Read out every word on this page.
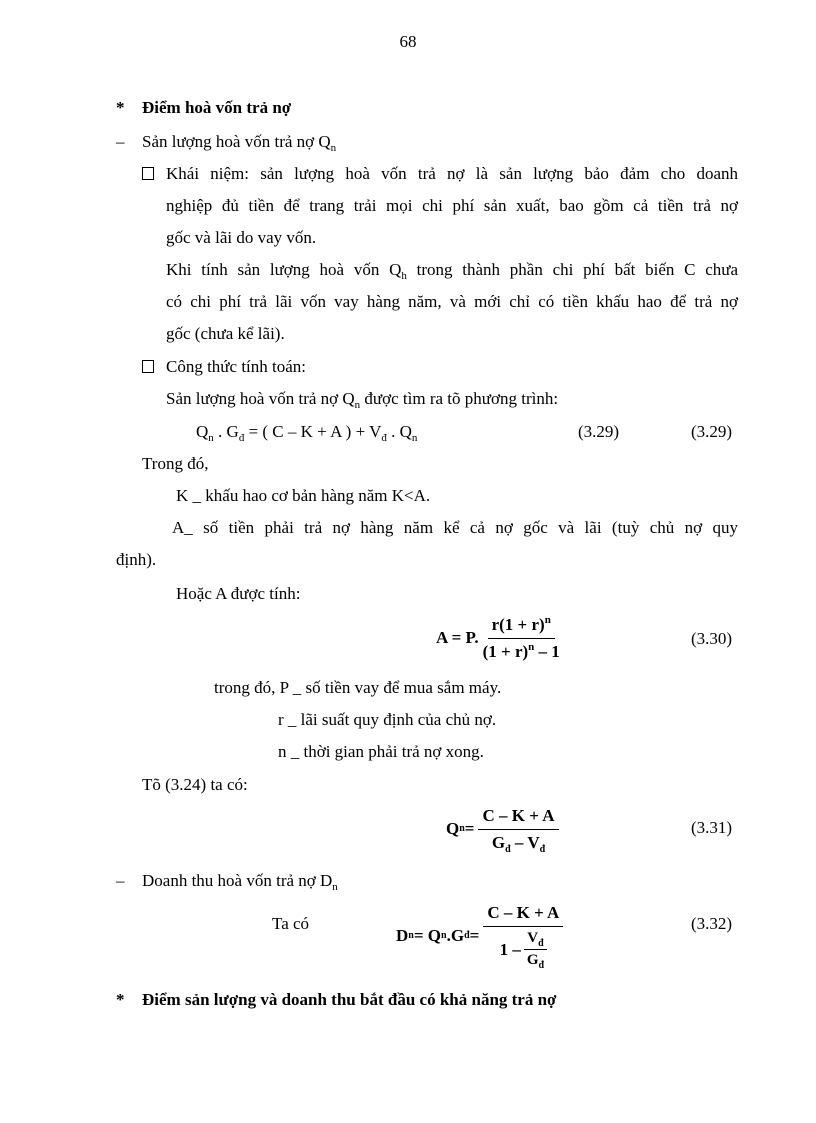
68
* Điểm hoà vốn trả nợ
– Sản lượng hoà vốn trả nợ $Q_n$
Khái niệm: sản lượng hoà vốn trả nợ là sản lượng bảo đảm cho doanh
nghiệp đủ tiền để trang trải mọi chi phí sản xuất, bao gồm cả tiền trả nợ
gốc và lãi do vay vốn.
Khi tính sản lượng hoà vốn $Q_h$ trong thành phần chi phí bất biến C chưa
có chi phí trả lãi vốn vay hàng năm, và mới chỉ có tiền khấu hao để trả nợ
gốc (chưa kể lãi).
Công thức tính toán:
Sản lượng hoà vốn trả nợ $Q_n$ được tìm ra tõ phương trình:
$Q_n$ . $G_đ$ = ( C – K + A ) + $V_đ$ . $Q_n$	(3.29)	(3.29)
Trong đó,
K _ khấu hao cơ bản hàng năm K<A.
A_ số tiền phải trả nợ hàng năm kể cả nợ gốc và lãi (tuỳ chủ nợ quy
định).
Hoặc A được tính:
A = P. $\frac{r(1 + r)^n}{(1 + r)^n - 1}$	(3.30)
trong đó, P _ số tiền vay để mua sắm máy.
r _ lãi suất quy định của chủ nợ.
n _ thời gian phải trả nợ xong.
Tõ (3.24) ta có:
Q $n = \frac{C - K + A}{G_đ - V_đ}$	(3.31)
– Doanh thu hoà vốn trả nợ $D_n$
Ta có
D n = Q n .G đ = $\frac{C - K + A}{1 - \frac{V_đ}{G_đ}}$	(3.32)
* Điểm sản lượng và doanh thu bắt đầu có khả năng trả nợ
